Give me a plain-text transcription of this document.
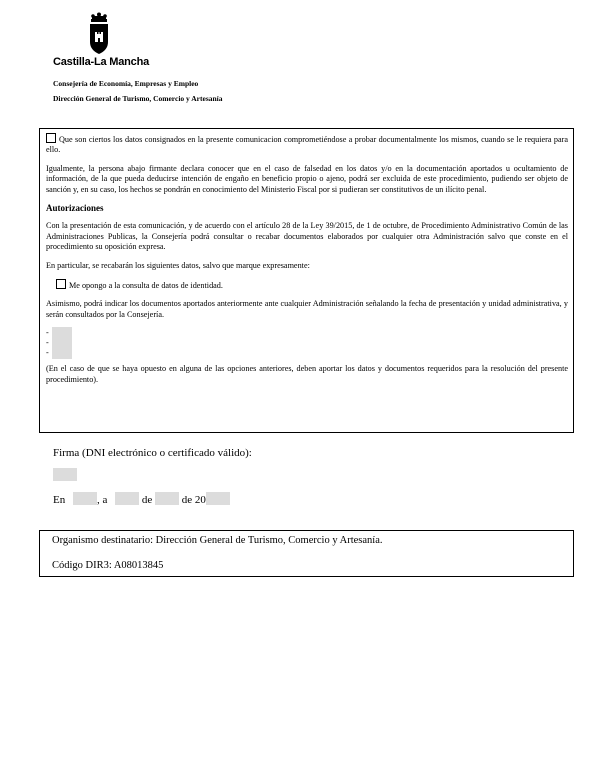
Castilla-La Mancha
Consejería de Economía, Empresas y Empleo
Dirección General de Turismo, Comercio y Artesanía

Que son ciertos los datos consignados en la presente comunicacion comprometiéndose a probar documentalmente los mismos, cuando se le requiera para ello.

Igualmente, la persona abajo firmante declara conocer que en el caso de falsedad en los datos y/o en la documentación aportados u ocultamiento de información, de la que pueda deducirse intención de engaño en beneficio propio o ajeno, podrá ser excluida de este procedimiento, pudiendo ser objeto de sanción y, en su caso, los hechos se pondrán en conocimiento del Ministerio Fiscal por si pudieran ser constitutivos de un ilícito penal.

Autorizaciones

Con la presentación de esta comunicación, y de acuerdo con el artículo 28 de la Ley 39/2015, de 1 de octubre, de Procedimiento Administrativo Común de las Administraciones Publicas, la Consejería podrá consultar o recabar documentos elaborados por cualquier otra Administración salvo que conste en el procedimiento su oposición expresa.

En particular, se recabarán los siguientes datos, salvo que marque expresamente:

Me opongo a la consulta de datos de identidad.

Asimismo, podrá indicar los documentos aportados anteriormente ante cualquier Administración señalando la fecha de presentación y unidad administrativa, y serán consultados por la Consejería.

-
-
-

(En el caso de que se haya opuesto en alguna de las opciones anteriores, deben aportar los datos y documentos requeridos para la resolución del presente procedimiento).

Firma (DNI electrónico o certificado válido):
En	, a	de	de 20
Organismo destinatario: Dirección General de Turismo, Comercio y Artesanía.
Código DIR3: A08013845
